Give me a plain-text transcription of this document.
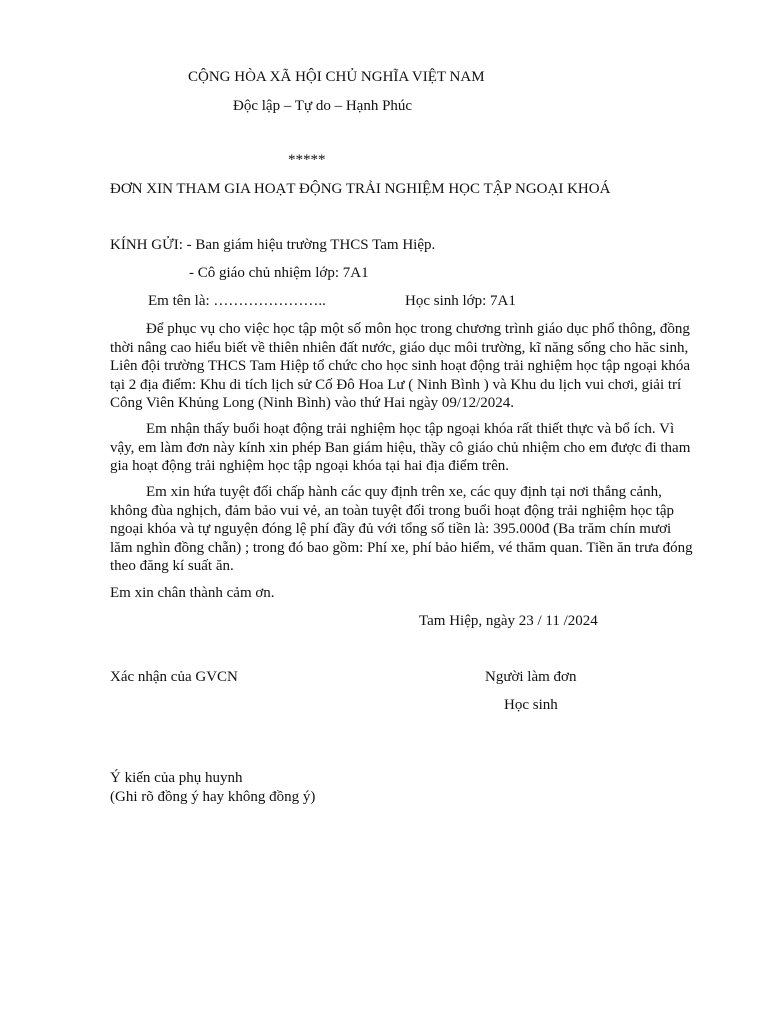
CỘNG HÒA XÃ HỘI CHỦ NGHĨA VIỆT NAM
Độc lập – Tự do – Hạnh Phúc
*****
ĐƠN XIN THAM GIA HOẠT ĐỘNG TRẢI NGHIỆM HỌC TẬP NGOẠI KHOÁ
KÍNH GỬI: - Ban giám hiệu trường THCS Tam Hiệp.
- Cô giáo chủ nhiệm lớp: 7A1
Em tên là: …………………..	Học sinh lớp: 7A1
Để phục vụ cho việc học tập một số môn học trong chương trình giáo dục phổ thông, đồng thời nâng cao hiểu biết về thiên nhiên đất nước, giáo dục môi trường, kĩ năng sống cho hăc sinh, Liên đội trường THCS Tam Hiệp tổ chức cho học sinh hoạt động trải nghiệm học tập ngoại khóa tại 2 địa điểm: Khu di tích lịch sử Cố Đô Hoa Lư ( Ninh Bình ) và Khu du lịch vui chơi, giải trí Công Viên Khủng Long (Ninh Bình) vào thứ Hai ngày 09/12/2024.
Em nhận thấy buổi hoạt động trải nghiệm học tập ngoại khóa rất thiết thực và bổ ích. Vì vậy, em làm đơn này kính xin phép Ban giám hiệu, thầy cô giáo chủ nhiệm cho em được đi tham gia hoạt động trải nghiệm học tập ngoại khóa tại hai địa điểm trên.
Em xin hứa tuyệt đối chấp hành các quy định trên xe, các quy định tại nơi thắng cảnh, không đùa nghịch, đảm bảo vui vẻ, an toàn tuyệt đối trong buổi hoạt động trải nghiệm học tập ngoại khóa và tự nguyện đóng lệ phí đầy đủ với tổng số tiền là: 395.000đ (Ba trăm chín mươi lăm nghìn đồng chẵn) ; trong đó bao gồm: Phí xe, phí bảo hiểm, vé thăm quan. Tiền ăn trưa đóng theo đăng kí suất ăn.
Em xin chân thành cảm ơn.
Tam Hiệp, ngày 23 / 11 /2024
Xác nhận của GVCN	Người làm đơn
Học sinh
Ý kiến của phụ huynh
(Ghi rõ đồng ý hay không đồng ý)
